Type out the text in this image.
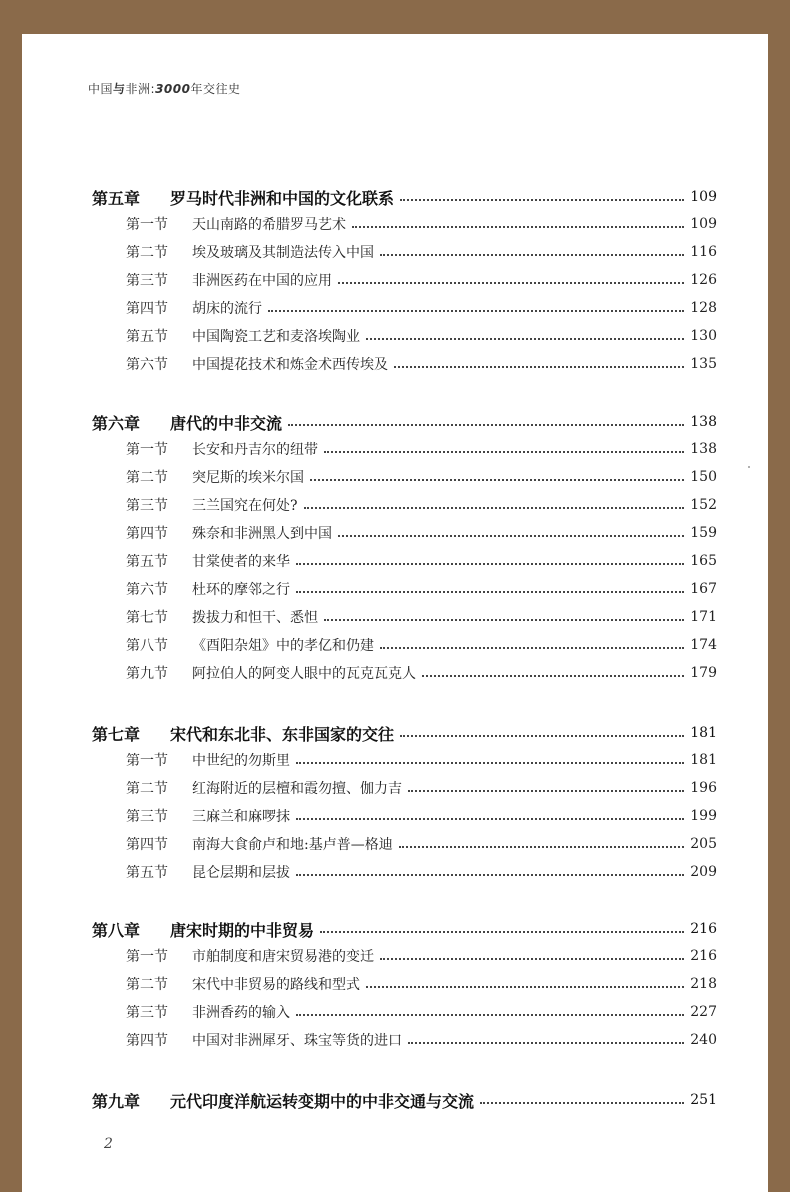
中国与非洲:3000年交往史
第五章	罗马时代非洲和中国的文化联系	109
第一节	天山南路的希腊罗马艺术	109
第二节	埃及玻璃及其制造法传入中国	116
第三节	非洲医药在中国的应用	126
第四节	胡床的流行	128
第五节	中国陶瓷工艺和麦洛埃陶业	130
第六节	中国提花技术和炼金术西传埃及	135
第六章	唐代的中非交流	138
第一节	长安和丹吉尔的纽带	138
第二节	突尼斯的埃米尔国	150
第三节	三兰国究在何处?	152
第四节	殊奈和非洲黑人到中国	159
第五节	甘棠使者的来华	165
第六节	杜环的摩邻之行	167
第七节	拨拔力和怛干、悉怛	171
第八节	《酉阳杂俎》中的孝亿和仍建	174
第九节	阿拉伯人的阿变人眼中的瓦克瓦克人	179
第七章	宋代和东北非、东非国家的交往	181
第一节	中世纪的勿斯里	181
第二节	红海附近的层檀和霞勿擅、伽力吉	196
第三节	三麻兰和麻啰抹	199
第四节	南海大食俞卢和地:基卢普—格迪	205
第五节	昆仑层期和层拔	209
第八章	唐宋时期的中非贸易	216
第一节	市舶制度和唐宋贸易港的变迁	216
第二节	宋代中非贸易的路线和型式	218
第三节	非洲香药的输入	227
第四节	中国对非洲犀牙、珠宝等货的进口	240
第九章	元代印度洋航运转变期中的中非交通与交流	251
2
